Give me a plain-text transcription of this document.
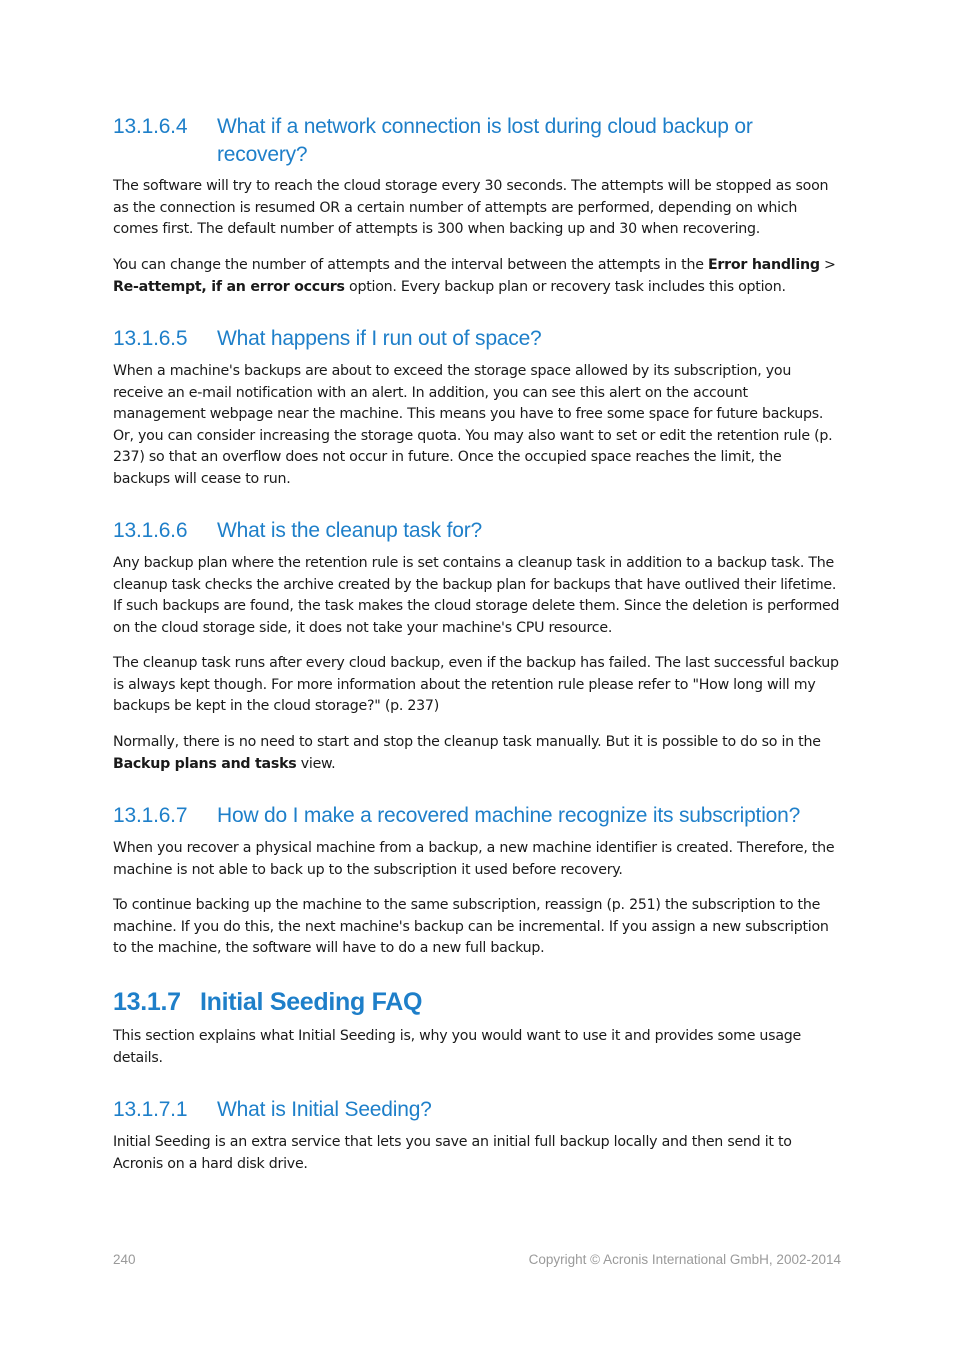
13.1.6.4 What if a network connection is lost during cloud backup or recovery?

The software will try to reach the cloud storage every 30 seconds. The attempts will be stopped as soon as the connection is resumed OR a certain number of attempts are performed, depending on which comes first. The default number of attempts is 300 when backing up and 30 when recovering.

You can change the number of attempts and the interval between the attempts in the Error handling > Re-attempt, if an error occurs option. Every backup plan or recovery task includes this option.

13.1.6.5 What happens if I run out of space?

When a machine's backups are about to exceed the storage space allowed by its subscription, you receive an e-mail notification with an alert. In addition, you can see this alert on the account management webpage near the machine. This means you have to free some space for future backups. Or, you can consider increasing the storage quota. You may also want to set or edit the retention rule (p. 237) so that an overflow does not occur in future. Once the occupied space reaches the limit, the backups will cease to run.

13.1.6.6 What is the cleanup task for?

Any backup plan where the retention rule is set contains a cleanup task in addition to a backup task. The cleanup task checks the archive created by the backup plan for backups that have outlived their lifetime. If such backups are found, the task makes the cloud storage delete them. Since the deletion is performed on the cloud storage side, it does not take your machine's CPU resource.

The cleanup task runs after every cloud backup, even if the backup has failed. The last successful backup is always kept though. For more information about the retention rule please refer to "How long will my backups be kept in the cloud storage?" (p. 237)

Normally, there is no need to start and stop the cleanup task manually. But it is possible to do so in the Backup plans and tasks view.

13.1.6.7 How do I make a recovered machine recognize its subscription?

When you recover a physical machine from a backup, a new machine identifier is created. Therefore, the machine is not able to back up to the subscription it used before recovery.

To continue backing up the machine to the same subscription, reassign (p. 251) the subscription to the machine. If you do this, the next machine's backup can be incremental. If you assign a new subscription to the machine, the software will have to do a new full backup.

13.1.7 Initial Seeding FAQ

This section explains what Initial Seeding is, why you would want to use it and provides some usage details.

13.1.7.1 What is Initial Seeding?

Initial Seeding is an extra service that lets you save an initial full backup locally and then send it to Acronis on a hard disk drive.

240	Copyright © Acronis International GmbH, 2002-2014
